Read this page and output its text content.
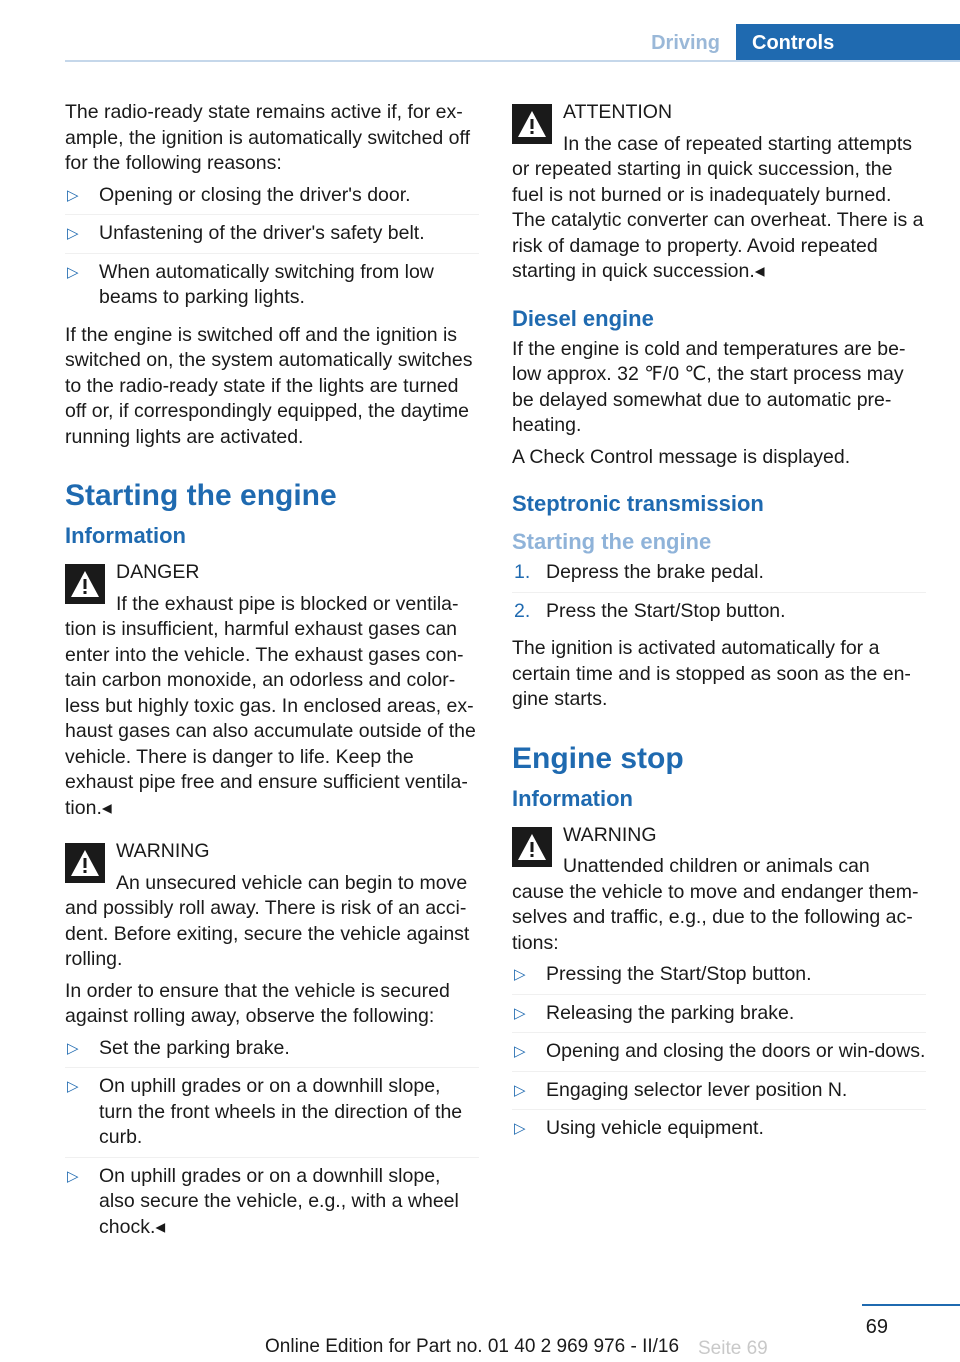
Driving	Controls

The radio-ready state remains active if, for ex-ample, the ignition is automatically switched off for the following reasons:

▷ Opening or closing the driver's door.
▷ Unfastening of the driver's safety belt.
▷ When automatically switching from low beams to parking lights.

If the engine is switched off and the ignition is switched on, the system automatically switches to the radio-ready state if the lights are turned off or, if correspondingly equipped, the daytime running lights are activated.

Starting the engine
Information
DANGER
If the exhaust pipe is blocked or ventila-
tion is insufficient, harmful exhaust gases can enter into the vehicle. The exhaust gases con-tain carbon monoxide, an odorless and color-less but highly toxic gas. In enclosed areas, ex-haust gases can also accumulate outside of the vehicle. There is danger to life. Keep the exhaust pipe free and ensure sufficient ventila-tion.◂
WARNING
An unsecured vehicle can begin to move
and possibly roll away. There is risk of an acci-dent. Before exiting, secure the vehicle against rolling.

In order to ensure that the vehicle is secured against rolling away, observe the following:

▷ Set the parking brake.
▷ On uphill grades or on a downhill slope, turn the front wheels in the direction of the curb.
▷ On uphill grades or on a downhill slope, also secure the vehicle, e.g., with a wheel chock.◂
ATTENTION
In the case of repeated starting attempts
or repeated starting in quick succession, the fuel is not burned or is inadequately burned. The catalytic converter can overheat. There is a risk of damage to property. Avoid repeated starting in quick succession.◂
Diesel engine

If the engine is cold and temperatures are be-low approx. 32 ℉/0 ℃, the start process may be delayed somewhat due to automatic pre-heating.

A Check Control message is displayed.

Steptronic transmission
Starting the engine
1. Depress the brake pedal.
2. Press the Start/Stop button.

The ignition is activated automatically for a certain time and is stopped as soon as the en-gine starts.

Engine stop
Information
WARNING
Unattended children or animals can
cause the vehicle to move and endanger them-selves and traffic, e.g., due to the following ac-tions:
▷ Pressing the Start/Stop button.
▷ Releasing the parking brake.
▷ Opening and closing the doors or win-dows.
▷ Engaging selector lever position N.
▷ Using vehicle equipment.
69
Online Edition for Part no. 01 40 2 969 976 - II/16 Seite 69
